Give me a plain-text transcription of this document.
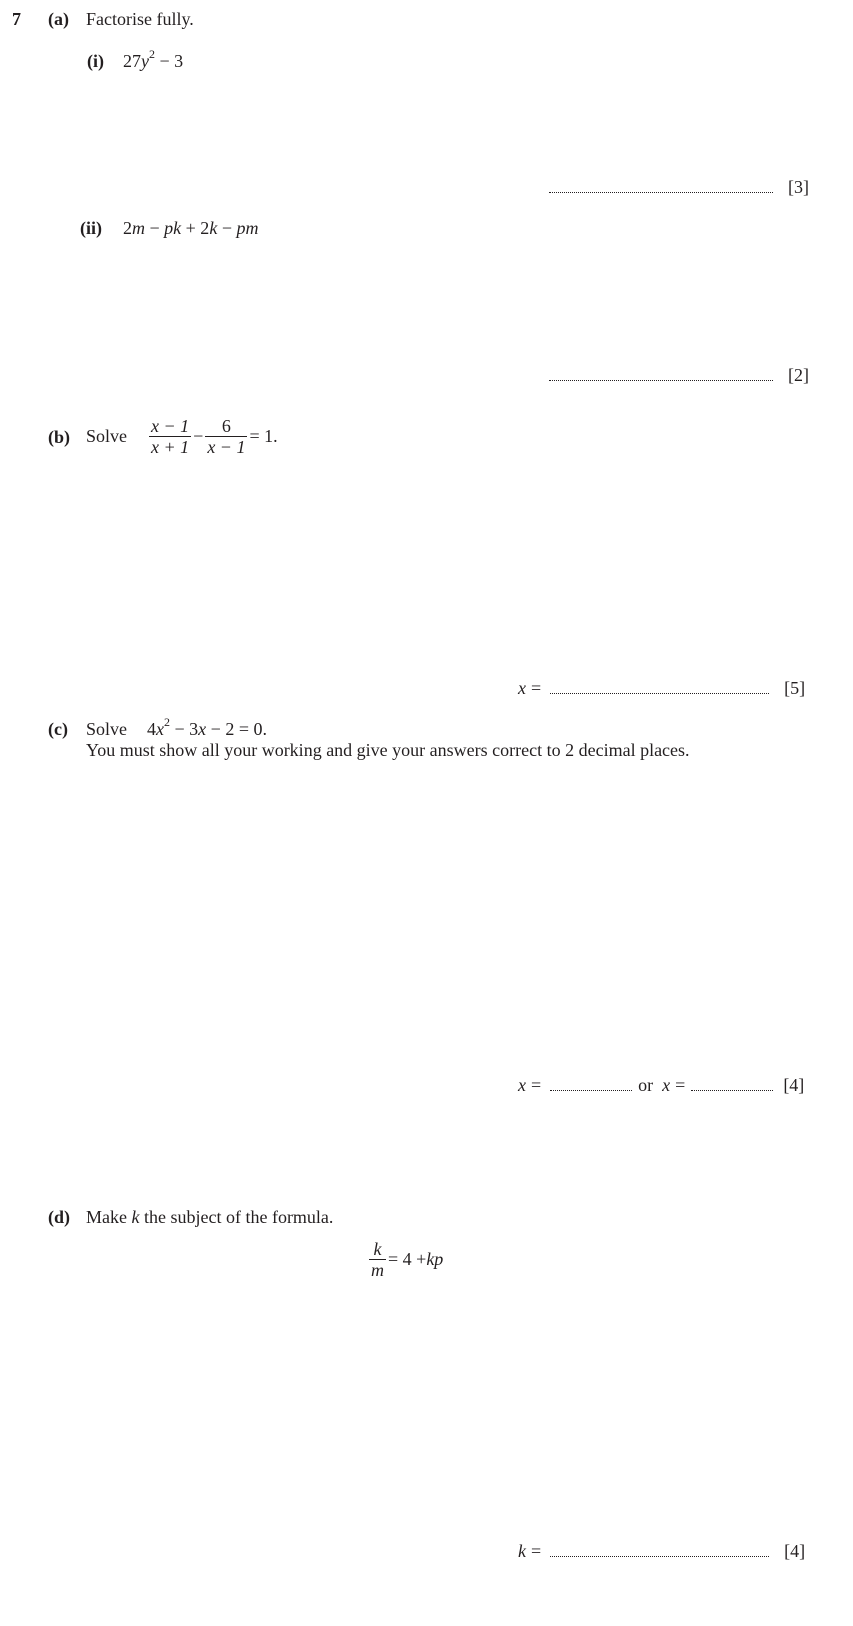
7 (a) Factorise fully.
(i) $27y^2 - 3$
[3]
(ii) 2m − pk + 2k − pm
[2]
(b) Solve $\frac{x - 1}{x + 1} - \frac{6}{x - 1} = 1$.
x =	[5]
(c) Solve $4x^2 - 3x - 2 = 0$.
You must show all your working and give your answers correct to 2 decimal places.
x =	or x =	[4]
(d) Make k the subject of the formula.
$\frac{k}{m} = 4$ + kp
k =	[4]
